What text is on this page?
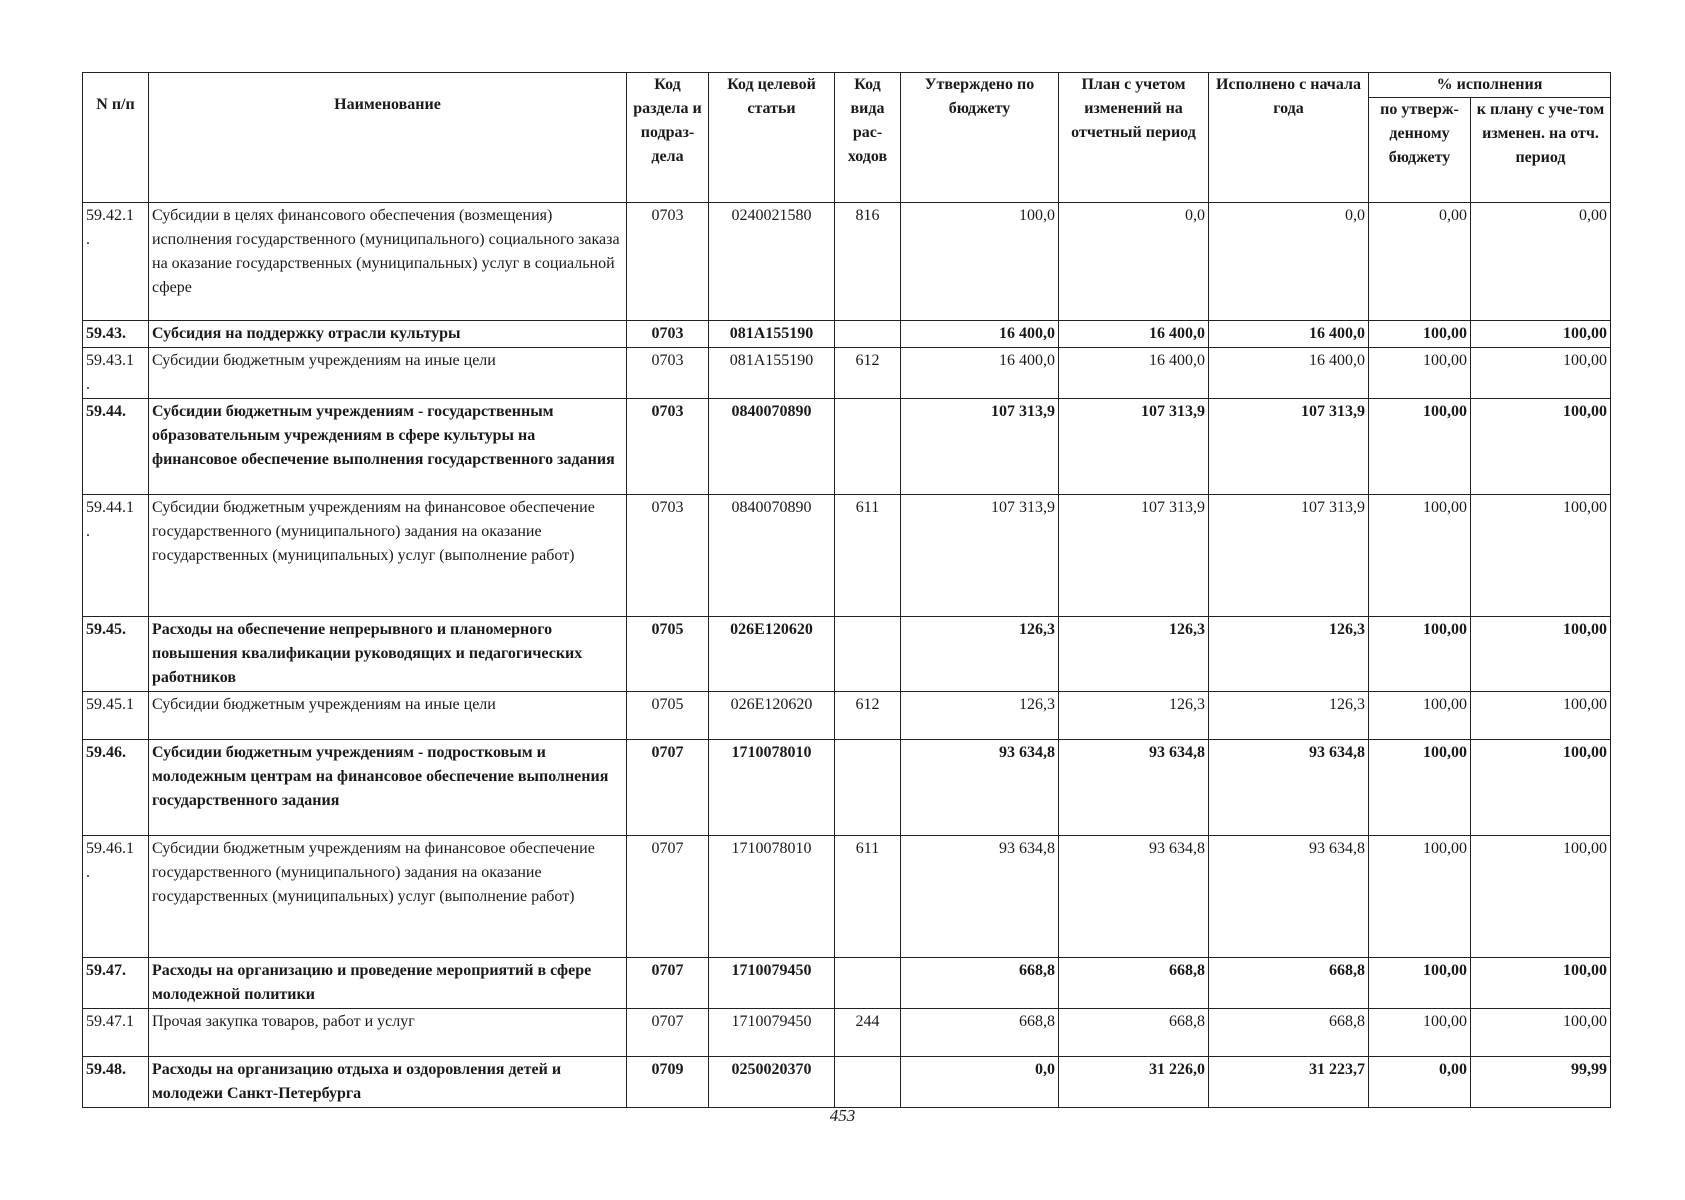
N п/п	Наименование	Код раздела и подраз-дела	Код целевой статьи	Код вида рас-ходов	Утверждено по бюджету	План с учетом изменений на отчетный период	Исполнено с начала года	% исполнения	
								по утверж-денному бюджету	к плану с уче-том изменен. на отч. период
59.42.1
.	Субсидии в целях финансового обеспечения (возмещения) исполнения государственного (муниципального) социального заказа на оказание государственных (муниципальных) услуг в социальной сфере	0703	0240021580	816	100,0	0,0	0,0	0,00	0,00
59.43.	Субсидия на поддержку отрасли культуры	0703	081A155190		16 400,0	16 400,0	16 400,0	100,00	100,00
59.43.1
.	Субсидии бюджетным учреждениям на иные цели	0703	081A155190	612	16 400,0	16 400,0	16 400,0	100,00	100,00
59.44.	Субсидии бюджетным учреждениям - государственным образовательным учреждениям в сфере культуры на финансовое обеспечение выполнения государственного задания	0703	0840070890		107 313,9	107 313,9	107 313,9	100,00	100,00
59.44.1
.	Субсидии бюджетным учреждениям на финансовое обеспечение государственного (муниципального) задания на оказание государственных (муниципальных) услуг (выполнение работ)	0703	0840070890	611	107 313,9	107 313,9	107 313,9	100,00	100,00
59.45.	Расходы на обеспечение непрерывного и планомерного повышения квалификации руководящих и педагогических работников	0705	026E120620		126,3	126,3	126,3	100,00	100,00
59.45.1	Субсидии бюджетным учреждениям на иные цели	0705	026E120620	612	126,3	126,3	126,3	100,00	100,00
59.46.	Субсидии бюджетным учреждениям - подростковым и молодежным центрам на финансовое обеспечение выполнения государственного задания	0707	1710078010		93 634,8	93 634,8	93 634,8	100,00	100,00
59.46.1
.	Субсидии бюджетным учреждениям на финансовое обеспечение государственного (муниципального) задания на оказание государственных (муниципальных) услуг (выполнение работ)	0707	1710078010	611	93 634,8	93 634,8	93 634,8	100,00	100,00
59.47.	Расходы на организацию и проведение мероприятий в сфере молодежной политики	0707	1710079450		668,8	668,8	668,8	100,00	100,00
59.47.1	Прочая закупка товаров, работ и услуг	0707	1710079450	244	668,8	668,8	668,8	100,00	100,00
59.48.	Расходы на организацию отдыха и оздоровления детей и молодежи Санкт-Петербурга	0709	0250020370		0,0	31 226,0	31 223,7	0,00	99,99
453
